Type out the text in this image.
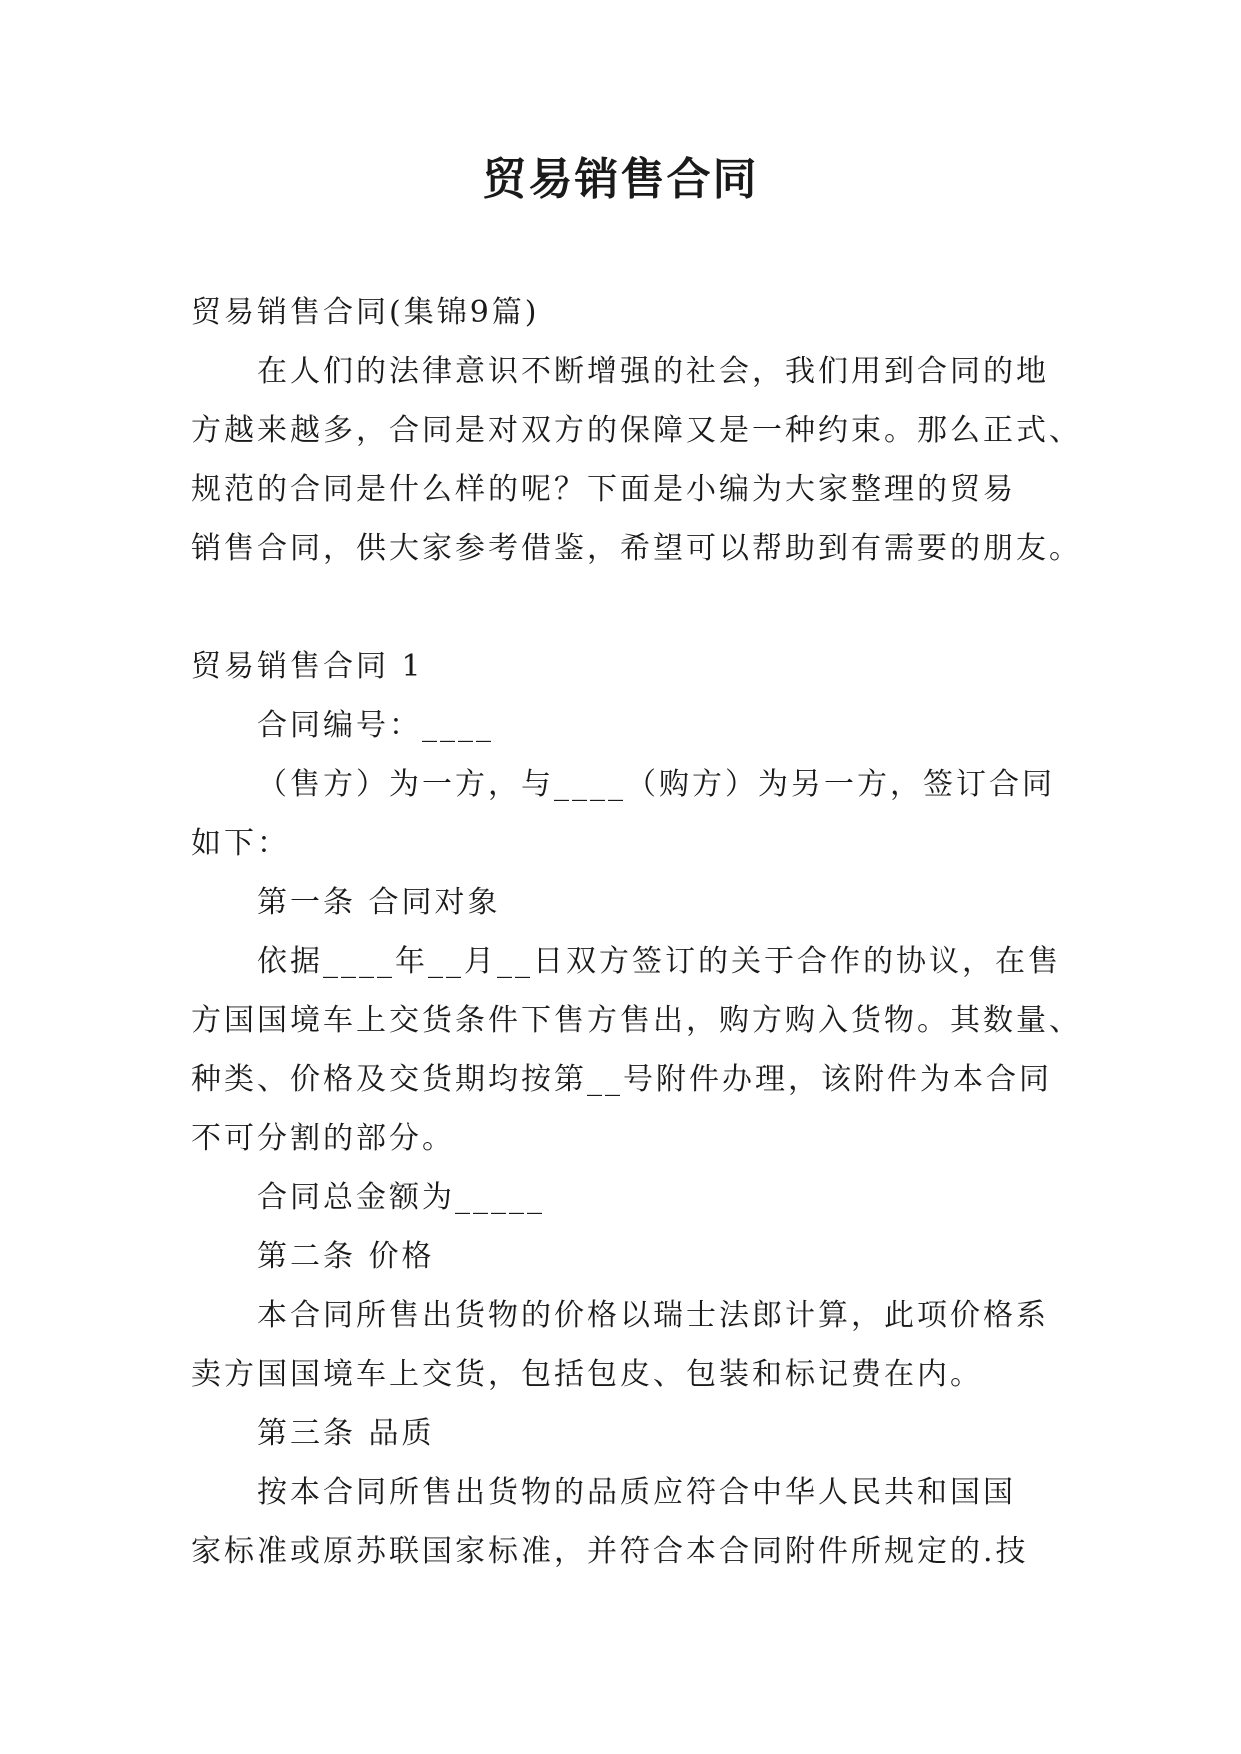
贸易销售合同
贸易销售合同(集锦9篇)
在人们的法律意识不断增强的社会，我们用到合同的地
方越来越多，合同是对双方的保障又是一种约束。那么正式、
规范的合同是什么样的呢？下面是小编为大家整理的贸易
销售合同，供大家参考借鉴，希望可以帮助到有需要的朋友。
贸易销售合同 1
合同编号：____
（售方）为一方，与____（购方）为另一方，签订合同
如下：
第一条 合同对象
依据____年__月__日双方签订的关于合作的协议，在售
方国国境车上交货条件下售方售出，购方购入货物。其数量、
种类、价格及交货期均按第__号附件办理，该附件为本合同
不可分割的部分。
合同总金额为_____
第二条 价格
本合同所售出货物的价格以瑞士法郎计算，此项价格系
卖方国国境车上交货，包括包皮、包装和标记费在内。
第三条 品质
按本合同所售出货物的品质应符合中华人民共和国国
家标准或原苏联国家标准，并符合本合同附件所规定的.技
